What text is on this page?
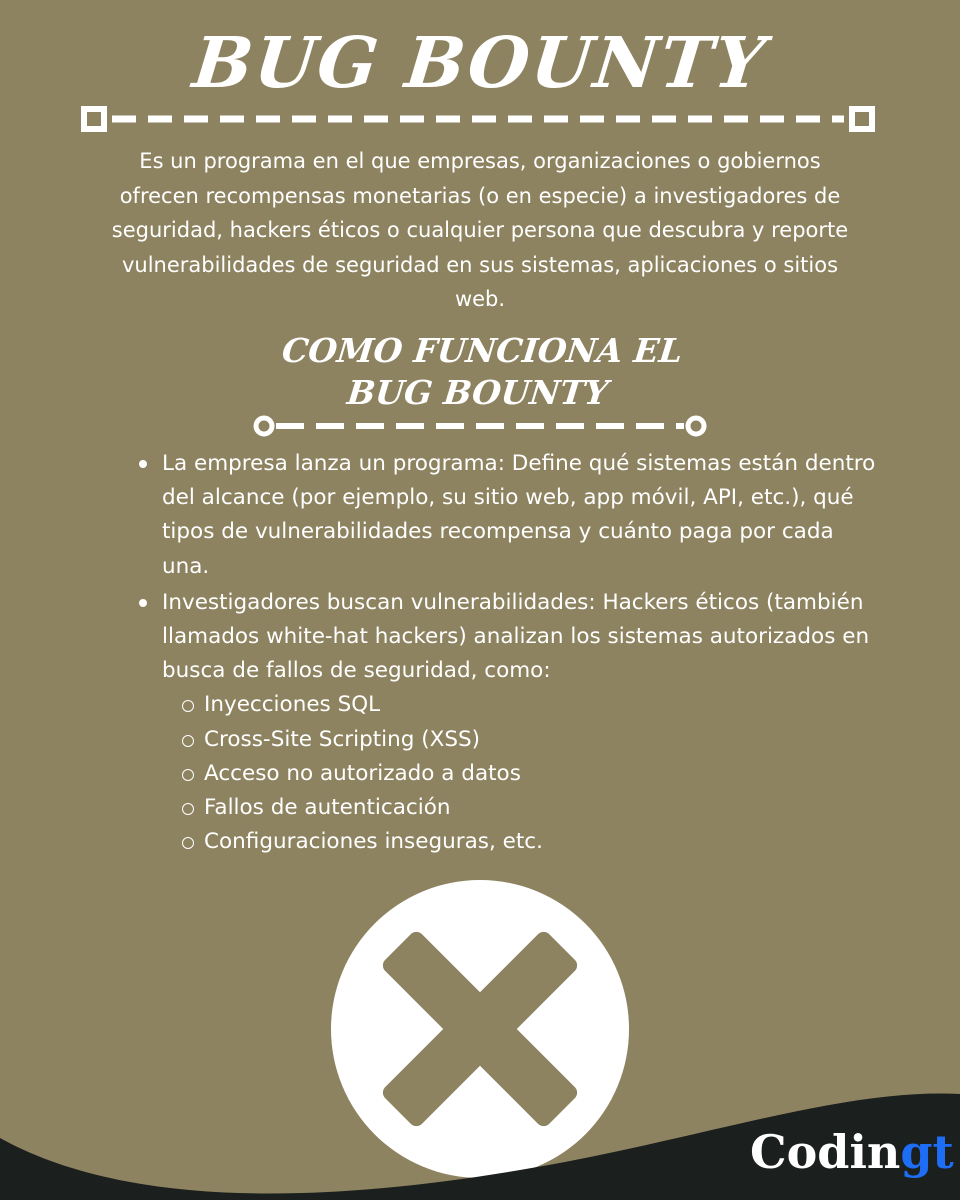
BUG BOUNTY

Es un programa en el que empresas, organizaciones o gobiernos ofrecen recompensas monetarias (o en especie) a investigadores de seguridad, hackers éticos o cualquier persona que descubra y reporte vulnerabilidades de seguridad en sus sistemas, aplicaciones o sitios web.

COMO FUNCIONA EL
BUG BOUNTY
La empresa lanza un programa: Define qué sistemas están dentro del alcance (por ejemplo, su sitio web, app móvil, API, etc.), qué tipos de vulnerabilidades recompensa y cuánto paga por cada una.
Investigadores buscan vulnerabilidades: Hackers éticos (también llamados white-hat hackers) analizan los sistemas autorizados en busca de fallos de seguridad, como:
Inyecciones SQL
Cross-Site Scripting (XSS)
Acceso no autorizado a datos
Fallos de autenticación
Configuraciones inseguras, etc.
Codingt
